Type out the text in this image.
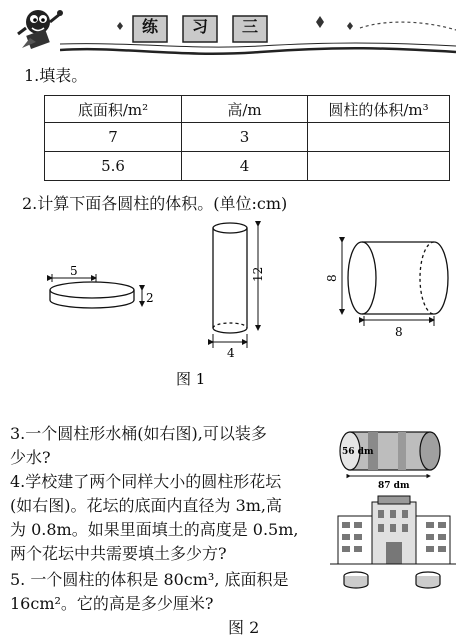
练	习	三
1.填表。
底面积/m²	高/m	圆柱的体积/m³
7	3	
5.6	4	
2.计算下面各圆柱的体积。(单位:cm)
5
2
12
4
8
8
图 1
3.一个圆柱形水桶(如右图),可以装多
少水?
4.学校建了两个同样大小的圆柱形花坛
(如右图)。花坛的底面内直径为 3m,高
为 0.8m。如果里面填土的高度是 0.5m,
两个花坛中共需要填土多少方?
5. 一个圆柱的体积是 80cm³, 底面积是
16cm²。它的高是多少厘米?
56 dm
87 dm
图 2
